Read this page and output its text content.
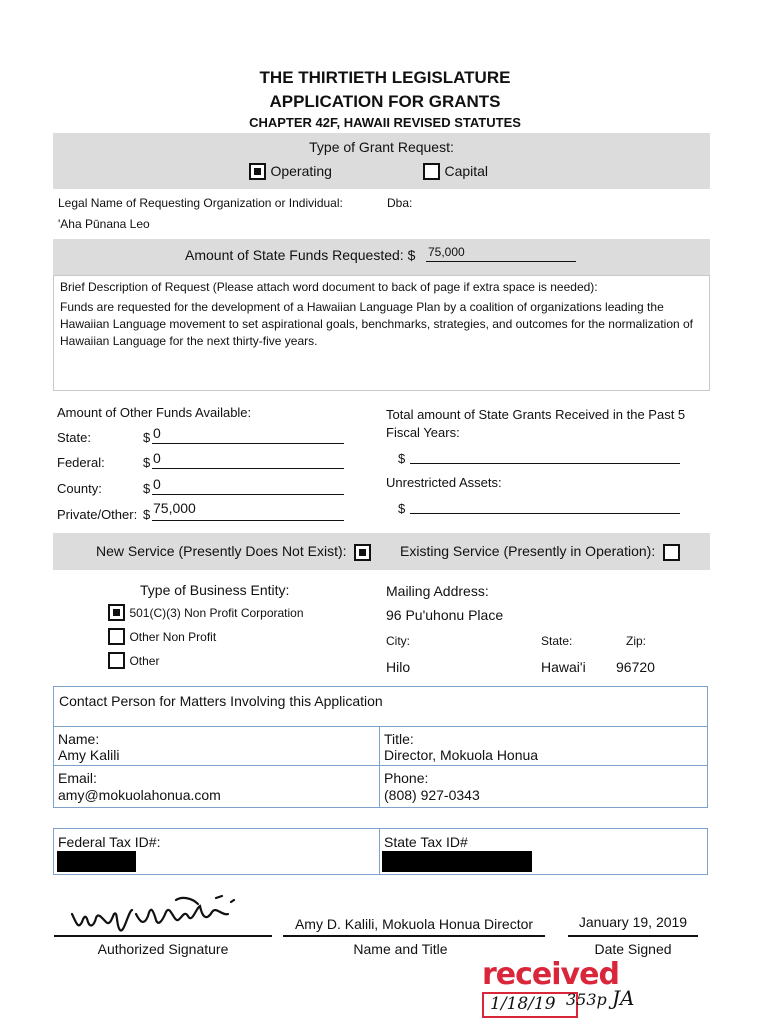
THE THIRTIETH LEGISLATURE
APPLICATION FOR GRANTS
CHAPTER 42F, HAWAII REVISED STATUTES
Type of Grant Request:
Operating	Capital
Legal Name of Requesting Organization or Individual:	Dba:
'Aha Pūnana Leo
Amount of State Funds Requested: $ 75,000
Brief Description of Request (Please attach word document to back of page if extra space is needed):
Funds are requested for the development of a Hawaiian Language Plan by a coalition of organizations leading the Hawaiian Language movement to set aspirational goals, benchmarks, strategies, and outcomes for the normalization of Hawaiian Language for the next thirty-five years.
Amount of Other Funds Available:
State:	$ 0
Federal:	$ 0
County:	$ 0
Private/Other: $ 75,000
Total amount of State Grants Received in the Past 5 Fiscal Years:
$
Unrestricted Assets:
$
New Service (Presently Does Not Exist):	Existing Service (Presently in Operation):
Type of Business Entity:
501(C)(3) Non Profit Corporation
Other Non Profit
Other
Mailing Address:
96 Pu'uhonu Place
City:	State:	Zip:
Hilo	Hawai'i 96720
Contact Person for Matters Involving this Application
Name:
Amy Kalili
Title:
Director, Mokuola Honua
Email:
amy@mokuolahonua.com
Phone:
(808) 927-0343
Federal Tax ID#:	State Tax ID#
Authorized Signature
Amy D. Kalili, Mokuola Honua Director
Name and Title
January 19, 2019
Date Signed
received
1/18/19 353p JA
